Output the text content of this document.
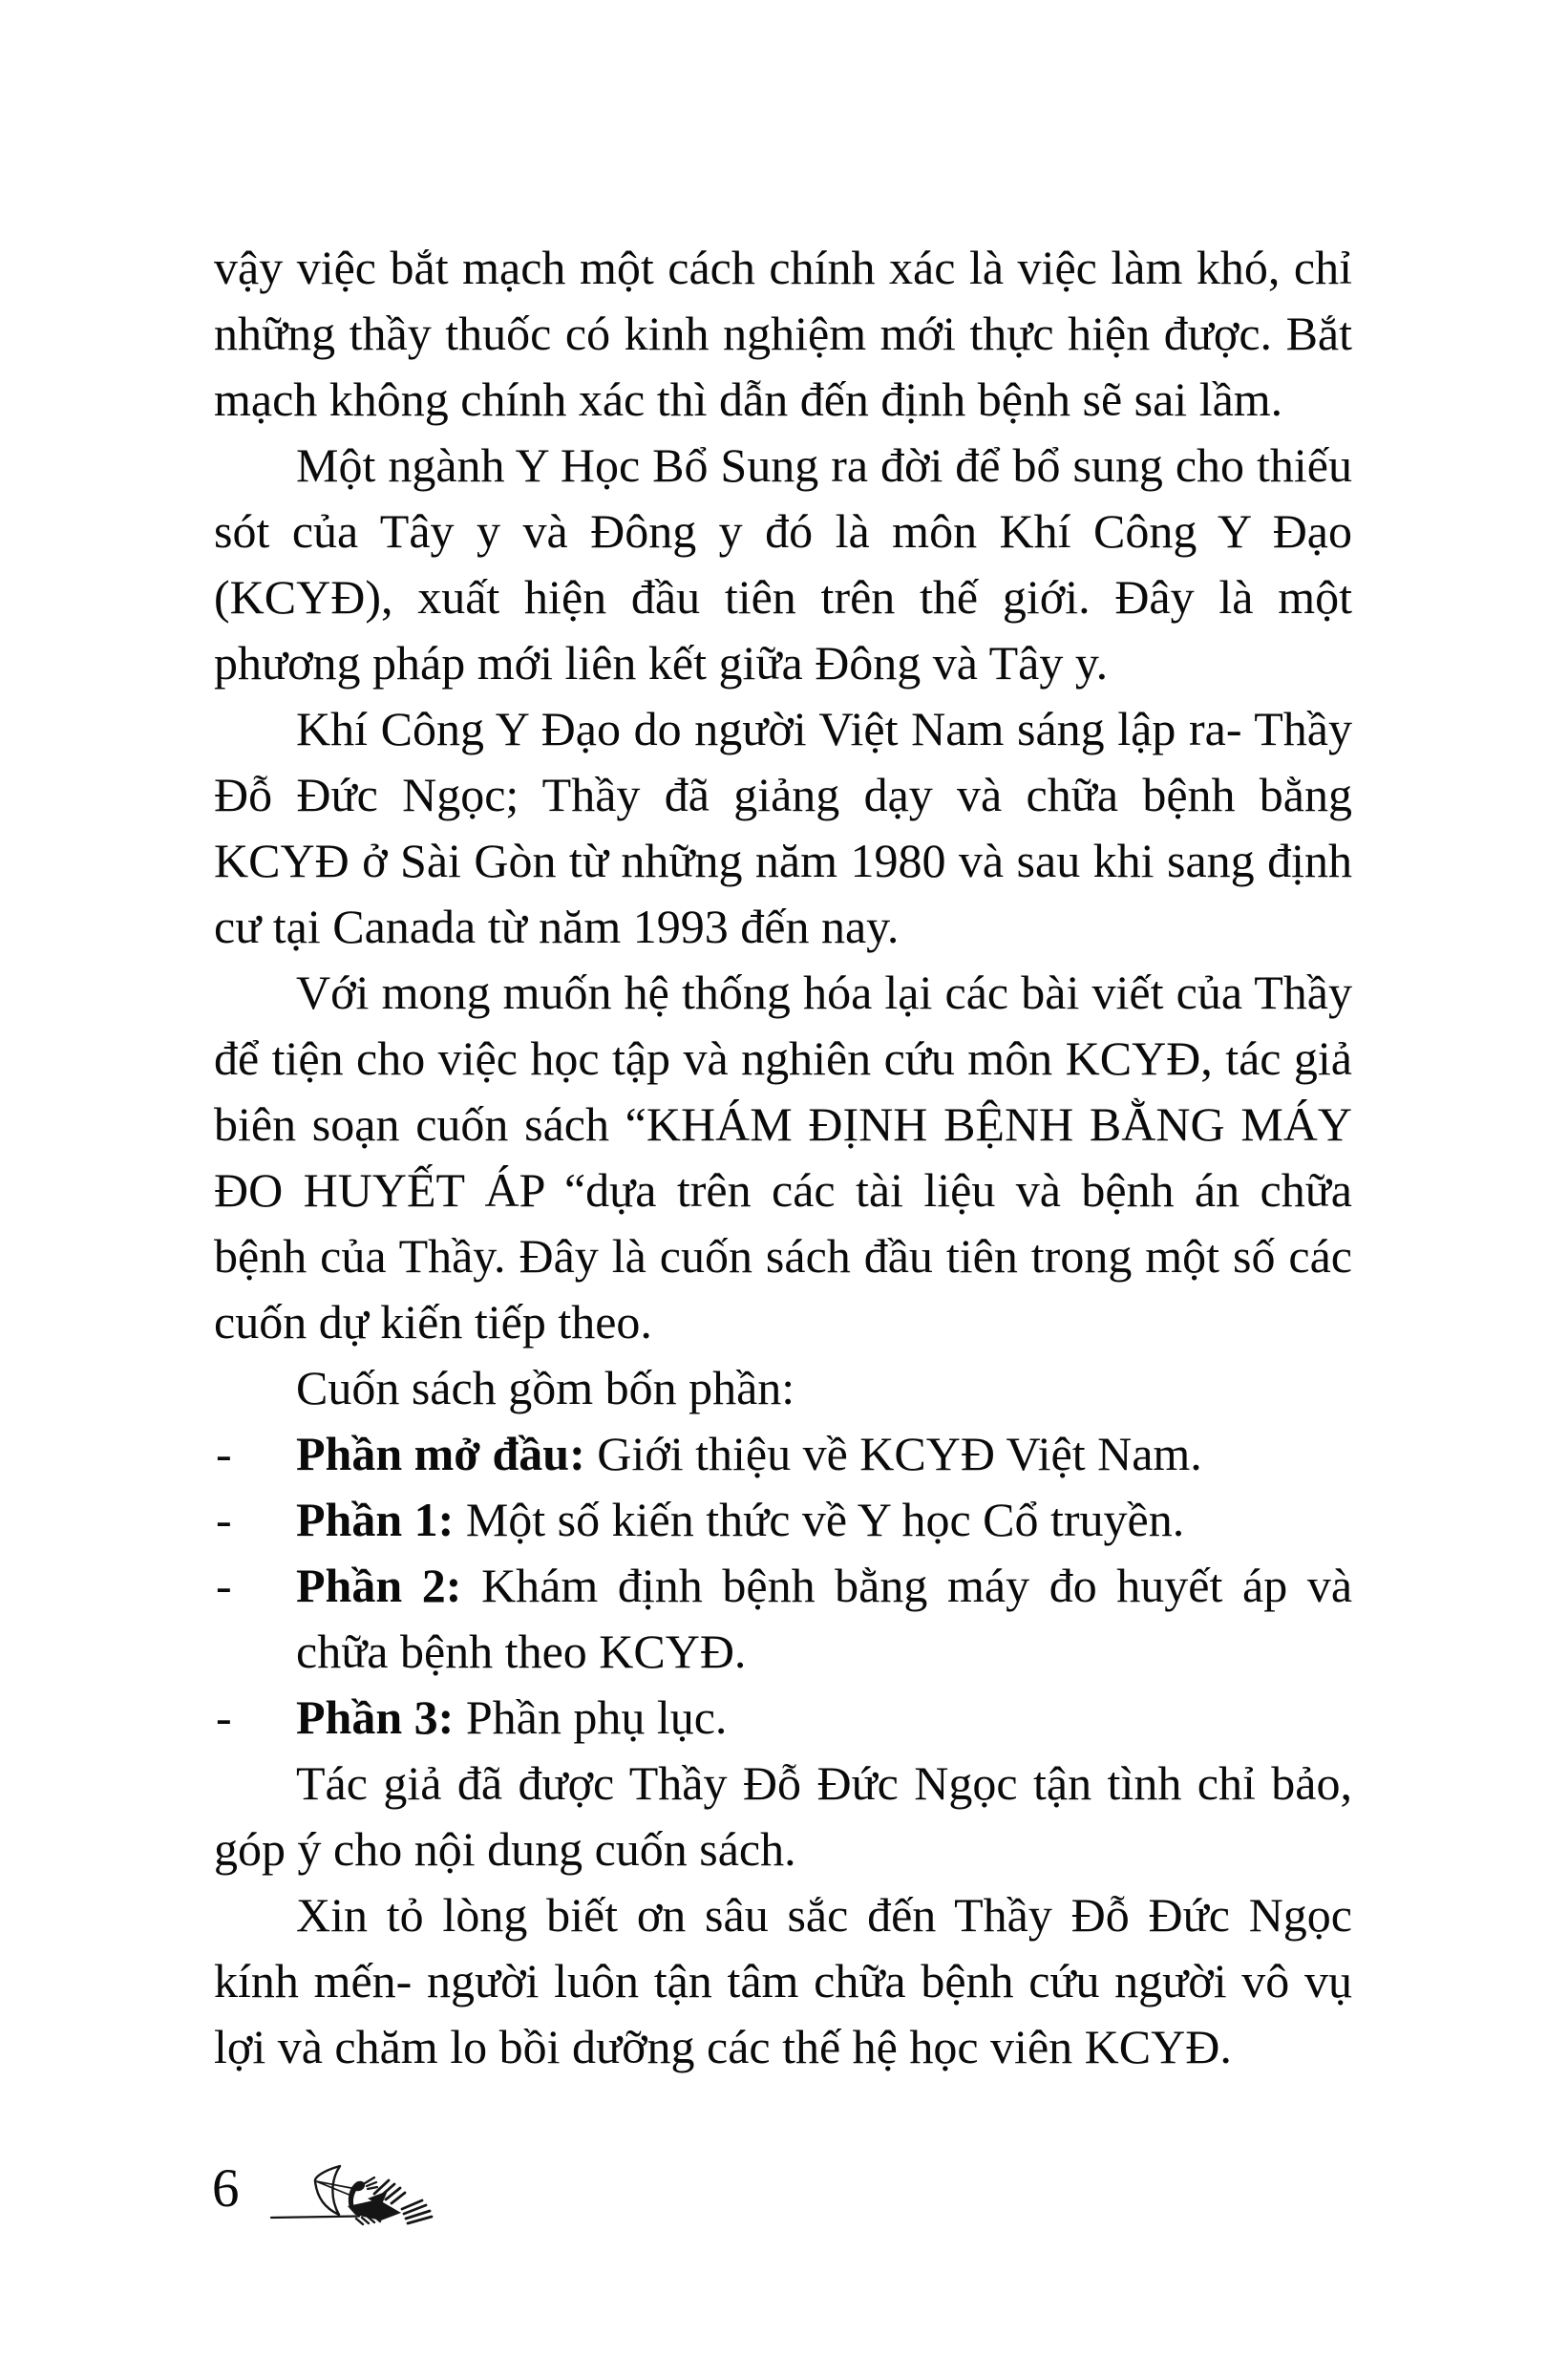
vậy việc bắt mạch một cách chính xác là việc làm khó, chỉ những thầy thuốc có kinh nghiệm mới thực hiện được. Bắt mạch không chính xác thì dẫn đến định bệnh sẽ sai lầm.

Một ngành Y Học Bổ Sung ra đời để bổ sung cho thiếu sót của Tây y và Đông y đó là môn Khí Công Y Đạo (KCYĐ), xuất hiện đầu tiên trên thế giới. Đây là một phương pháp mới liên kết giữa Đông và Tây y.

Khí Công Y Đạo do người Việt Nam sáng lập ra- Thầy Đỗ Đức Ngọc; Thầy đã giảng dạy và chữa bệnh bằng KCYĐ ở Sài Gòn từ những năm 1980 và sau khi sang định cư tại Canada từ năm 1993 đến nay.

Với mong muốn hệ thống hóa lại các bài viết của Thầy để tiện cho việc học tập và nghiên cứu môn KCYĐ, tác giả biên soạn cuốn sách “KHÁM ĐỊNH BỆNH BẰNG MÁY ĐO HUYẾT ÁP “dựa trên các tài liệu và bệnh án chữa bệnh của Thầy. Đây là cuốn sách đầu tiên trong một số các cuốn dự kiến tiếp theo.

Cuốn sách gồm bốn phần:

- Phần mở đầu: Giới thiệu về KCYĐ Việt Nam.
- Phần 1: Một số kiến thức về Y học Cổ truyền.
- Phần 2: Khám định bệnh bằng máy đo huyết áp và chữa bệnh theo KCYĐ.
- Phần 3: Phần phụ lục.

Tác giả đã được Thầy Đỗ Đức Ngọc tận tình chỉ bảo, góp ý cho nội dung cuốn sách.

Xin tỏ lòng biết ơn sâu sắc đến Thầy Đỗ Đức Ngọc kính mến- người luôn tận tâm chữa bệnh cứu người vô vụ lợi và chăm lo bồi dưỡng các thế hệ học viên KCYĐ.

6
